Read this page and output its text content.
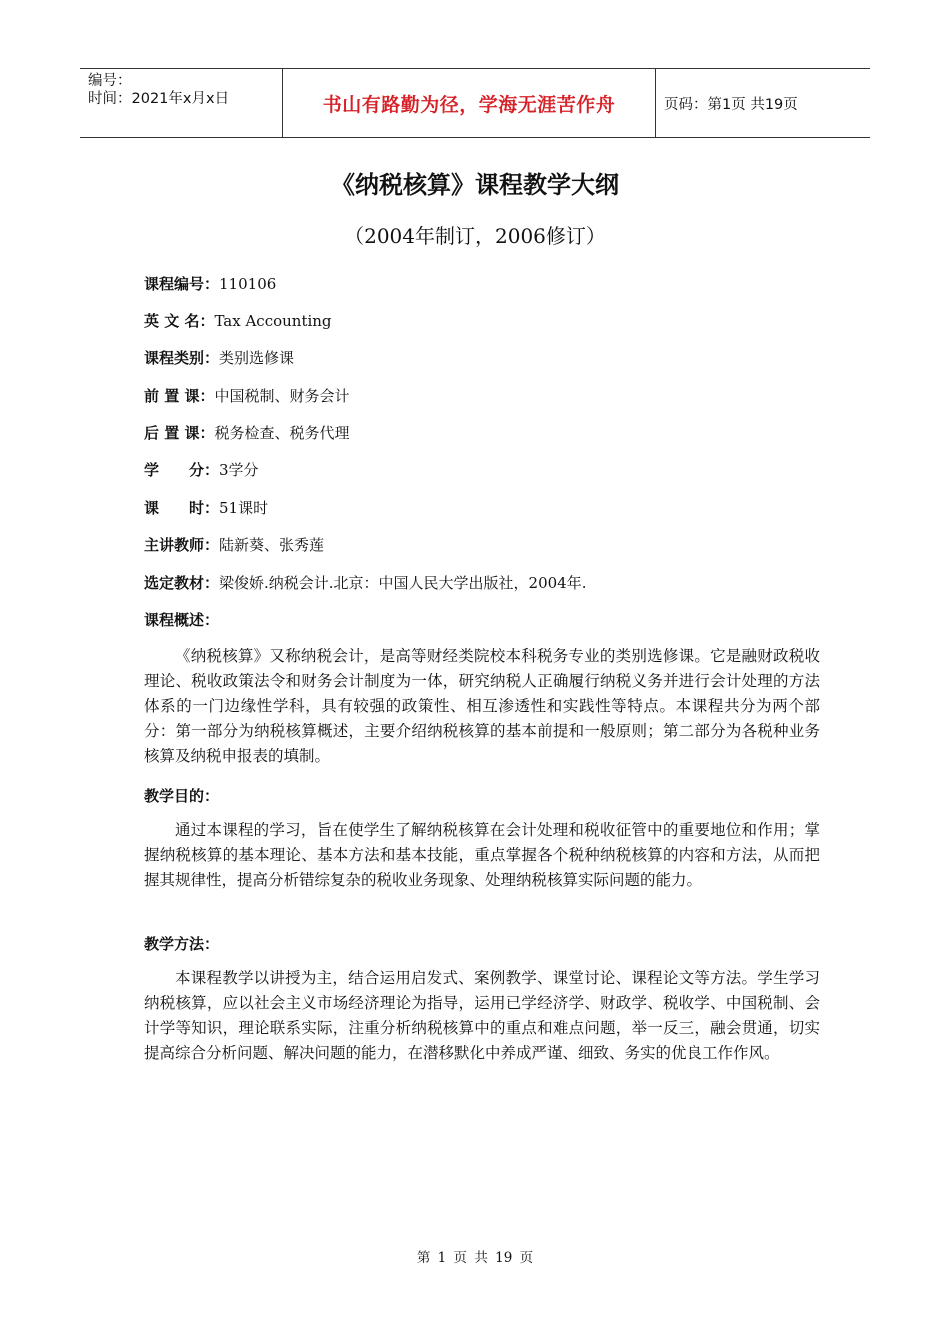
编号：
时间：2021年x月x日	书山有路勤为径，学海无涯苦作舟	页码：第1页 共19页
《纳税核算》课程教学大纲
（2004年制订，2006修订）
课程编号：110106
英 文 名：Tax Accounting
课程类别：类别选修课
前 置 课：中国税制、财务会计
后 置 课：税务检查、税务代理
学　　分：3学分
课　　时：51课时
主讲教师：陆新葵、张秀莲
选定教材：梁俊娇.纳税会计.北京：中国人民大学出版社，2004年.
课程概述：
《纳税核算》又称纳税会计，是高等财经类院校本科税务专业的类别选修课。它是融财政税收理论、税收政策法令和财务会计制度为一体，研究纳税人正确履行纳税义务并进行会计处理的方法体系的一门边缘性学科，具有较强的政策性、相互渗透性和实践性等特点。本课程共分为两个部分：第一部分为纳税核算概述，主要介绍纳税核算的基本前提和一般原则；第二部分为各税种业务核算及纳税申报表的填制。
教学目的：
通过本课程的学习，旨在使学生了解纳税核算在会计处理和税收征管中的重要地位和作用；掌握纳税核算的基本理论、基本方法和基本技能，重点掌握各个税种纳税核算的内容和方法，从而把握其规律性，提高分析错综复杂的税收业务现象、处理纳税核算实际问题的能力。
教学方法：
本课程教学以讲授为主，结合运用启发式、案例教学、课堂讨论、课程论文等方法。学生学习纳税核算，应以社会主义市场经济理论为指导，运用已学经济学、财政学、税收学、中国税制、会计学等知识，理论联系实际，注重分析纳税核算中的重点和难点问题，举一反三，融会贯通，切实提高综合分析问题、解决问题的能力，在潜移默化中养成严谨、细致、务实的优良工作作风。
第 1 页 共 19 页
